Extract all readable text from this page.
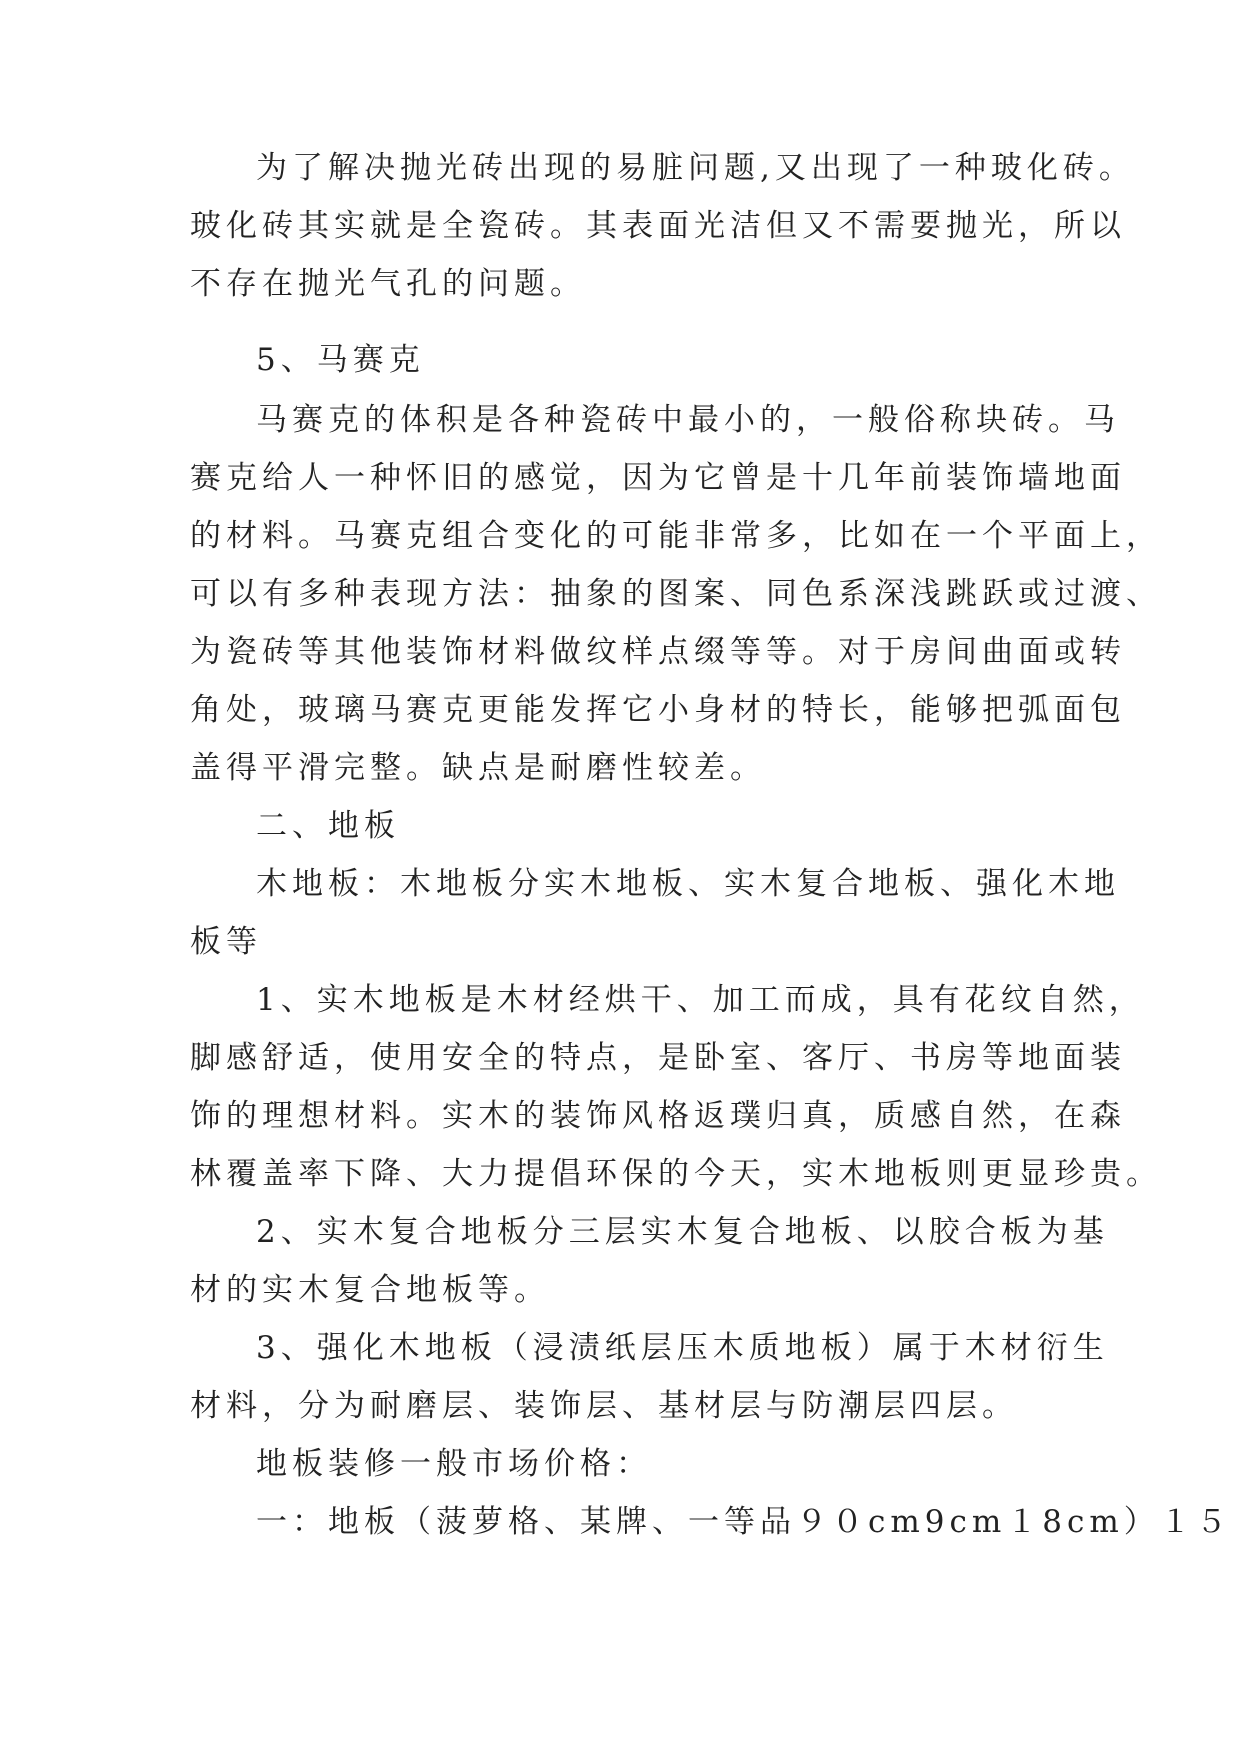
为了解决抛光砖出现的易脏问题,又出现了一种玻化砖。
玻化砖其实就是全瓷砖。其表面光洁但又不需要抛光，所以
不存在抛光气孔的问题。
5、马赛克
马赛克的体积是各种瓷砖中最小的，一般俗称块砖。马
赛克给人一种怀旧的感觉，因为它曾是十几年前装饰墙地面
的材料。马赛克组合变化的可能非常多，比如在一个平面上，
可以有多种表现方法：抽象的图案、同色系深浅跳跃或过渡、
为瓷砖等其他装饰材料做纹样点缀等等。对于房间曲面或转
角处，玻璃马赛克更能发挥它小身材的特长，能够把弧面包
盖得平滑完整。缺点是耐磨性较差。
二、地板
木地板：木地板分实木地板、实木复合地板、强化木地
板等
1、实木地板是木材经烘干、加工而成，具有花纹自然，
脚感舒适，使用安全的特点，是卧室、客厅、书房等地面装
饰的理想材料。实木的装饰风格返璞归真，质感自然，在森
林覆盖率下降、大力提倡环保的今天，实木地板则更显珍贵。
2、实木复合地板分三层实木复合地板、以胶合板为基
材的实木复合地板等。
3、强化木地板（浸渍纸层压木质地板）属于木材衍生
材料，分为耐磨层、装饰层、基材层与防潮层四层。
地板装修一般市场价格：
一：地板（菠萝格、某牌、一等品９０cm9cm１8cm）１５
